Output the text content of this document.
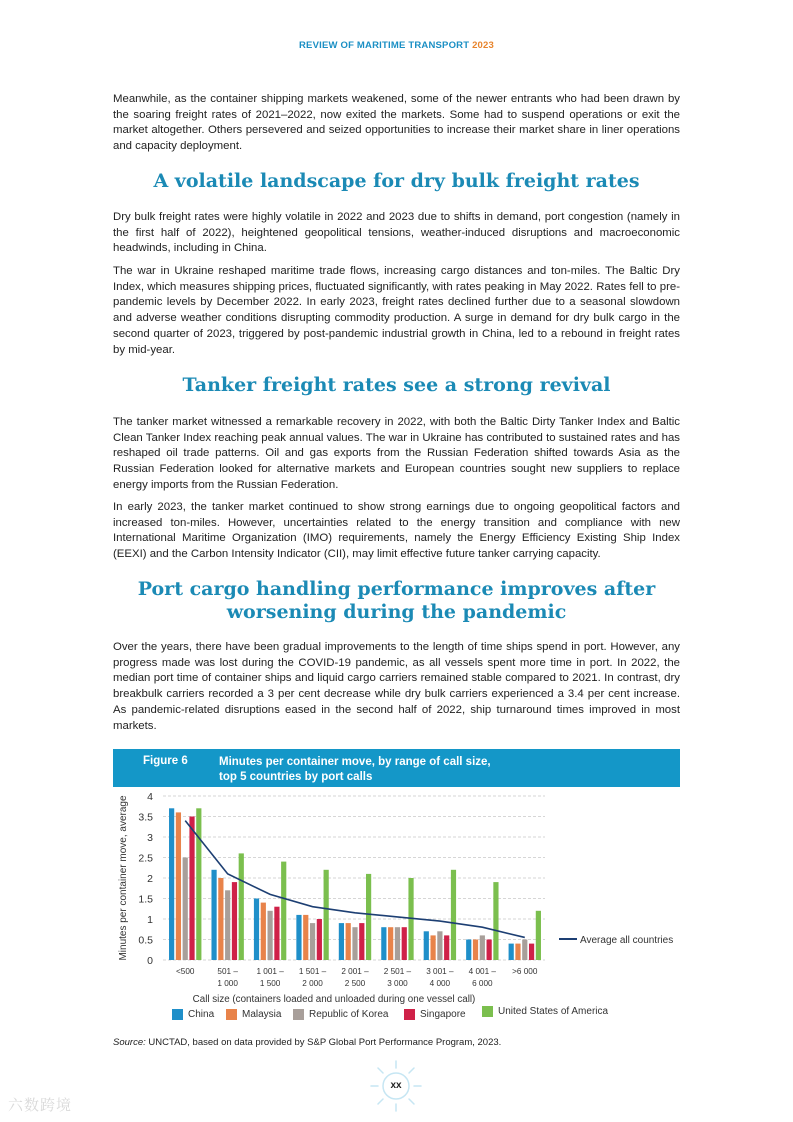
REVIEW OF MARITIME TRANSPORT 2023

Meanwhile, as the container shipping markets weakened, some of the newer entrants who had been drawn by the soaring freight rates of 2021–2022, now exited the markets. Some had to suspend operations or exit the market altogether. Others persevered and seized opportunities to increase their market share in liner operations and capacity deployment.

A volatile landscape for dry bulk freight rates

Dry bulk freight rates were highly volatile in 2022 and 2023 due to shifts in demand, port congestion (namely in the first half of 2022), heightened geopolitical tensions, weather-induced disruptions and macroeconomic headwinds, including in China.

The war in Ukraine reshaped maritime trade flows, increasing cargo distances and ton-miles. The Baltic Dry Index, which measures shipping prices, fluctuated significantly, with rates peaking in May 2022. Rates fell to pre-pandemic levels by December 2022. In early 2023, freight rates declined further due to a seasonal slowdown and adverse weather conditions disrupting commodity production. A surge in demand for dry bulk cargo in the second quarter of 2023, triggered by post-pandemic industrial growth in China, led to a rebound in freight rates by mid-year.

Tanker freight rates see a strong revival

The tanker market witnessed a remarkable recovery in 2022, with both the Baltic Dirty Tanker Index and Baltic Clean Tanker Index reaching peak annual values. The war in Ukraine has contributed to sustained rates and has reshaped oil trade patterns. Oil and gas exports from the Russian Federation shifted towards Asia as the Russian Federation looked for alternative markets and European countries sought new suppliers to replace energy imports from the Russian Federation.

In early 2023, the tanker market continued to show strong earnings due to ongoing geopolitical factors and increased ton-miles. However, uncertainties related to the energy transition and compliance with new International Maritime Organization (IMO) requirements, namely the Energy Efficiency Existing Ship Index (EEXI) and the Carbon Intensity Indicator (CII), may limit effective future tanker carrying capacity.

Port cargo handling performance improves after
worsening during the pandemic

Over the years, there have been gradual improvements to the length of time ships spend in port. However, any progress made was lost during the COVID-19 pandemic, as all vessels spent more time in port. In 2022, the median port time of container ships and liquid cargo carriers remained stable compared to 2021. In contrast, dry breakbulk carriers recorded a 3 per cent decrease while dry bulk carriers experienced a 3.4 per cent increase. As pandemic-related disruptions eased in the second half of 2022, ship turnaround times improved in most markets.

Figure 6	Minutes per container move, by range of call size,
top 5 countries by port calls
0
0.5
1
1.5
2
2.5
3
3.5
4
Minutes per container move, average
<500	501 –
1 000
1 001 –
1 500
1 501 –
2 000
2 001 –
2 500
2 501 –
3 000
3 001 –
4 000
4 001 –
6 000
>6 000
Average all countries
Call size (containers loaded and unloaded during one vessel call)
China	Malaysia	Republic of Korea	Singapore	United States of America
Source: UNCTAD, based on data provided by S&P Global Port Performance Program, 2023.
xx
六数跨境
